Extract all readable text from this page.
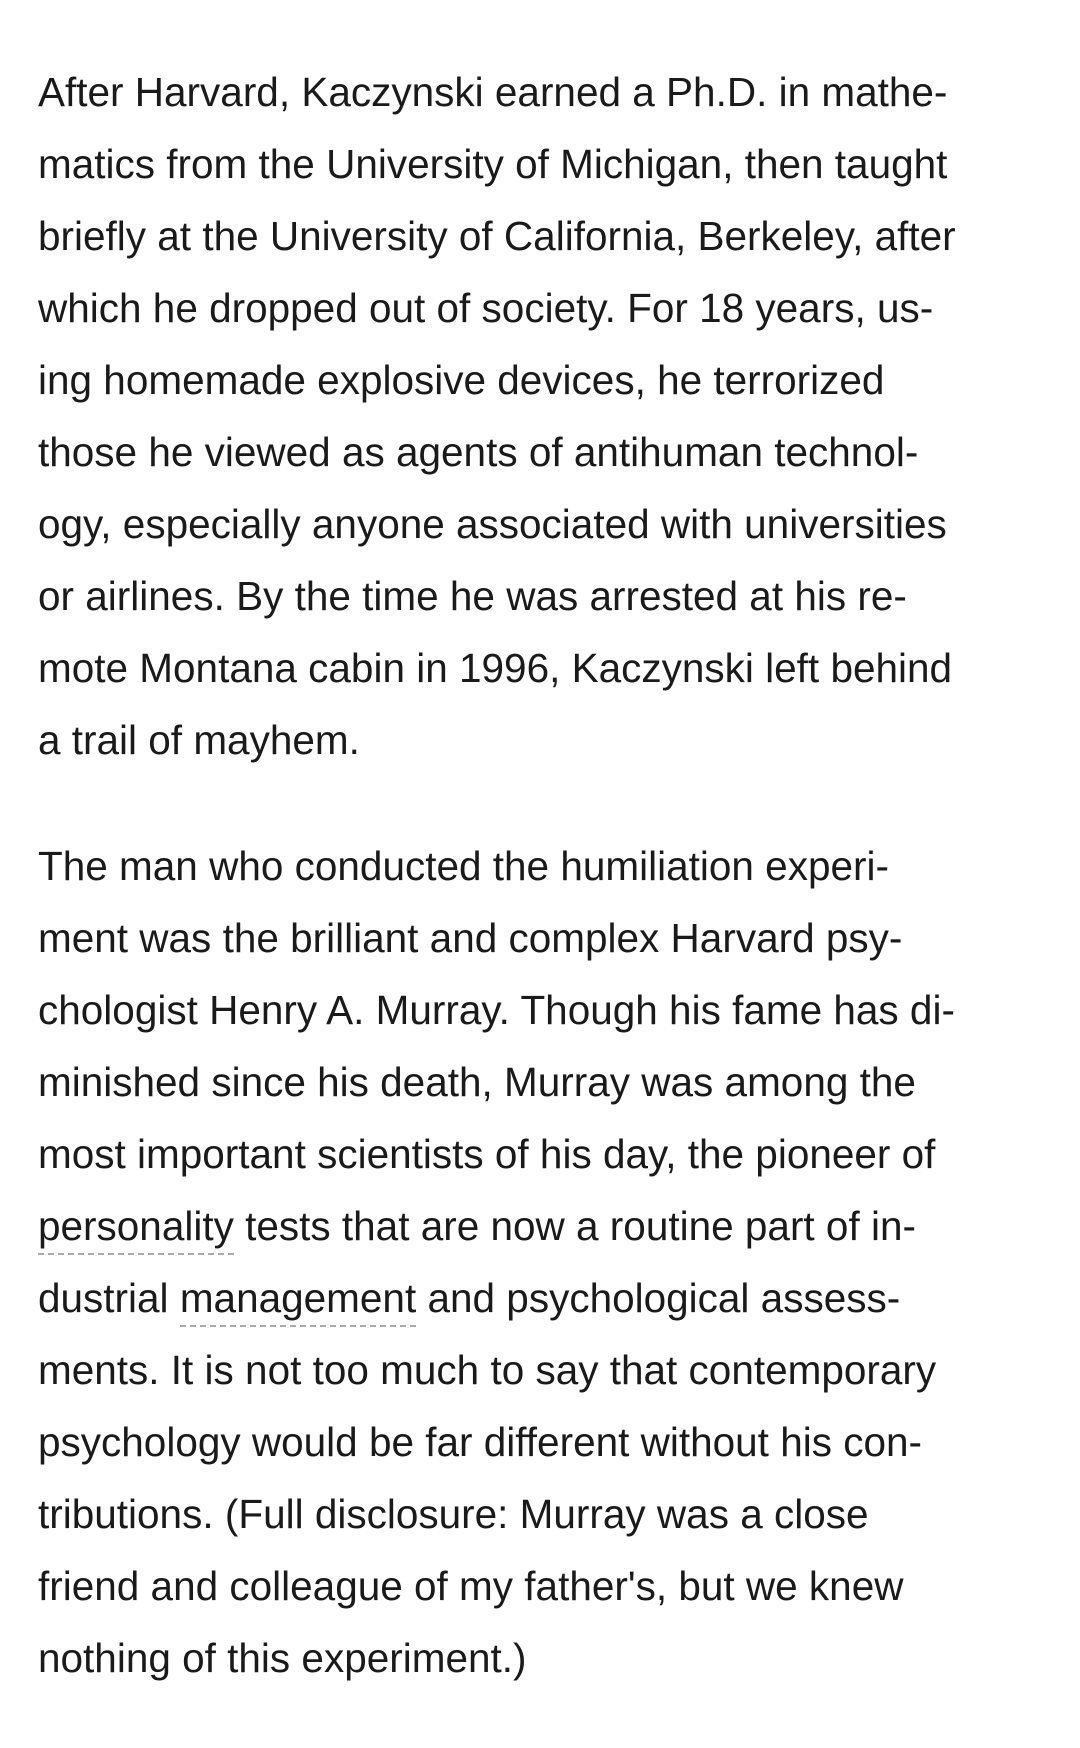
After Harvard, Kaczynski earned a Ph.D. in mathe-
matics from the University of Michigan, then taught
briefly at the University of California, Berkeley, after
which he dropped out of society. For 18 years, us-
ing homemade explosive devices, he terrorized
those he viewed as agents of antihuman technol-
ogy, especially anyone associated with universities
or airlines. By the time he was arrested at his re-
mote Montana cabin in 1996, Kaczynski left behind
a trail of mayhem.

The man who conducted the humiliation experi-
ment was the brilliant and complex Harvard psy-
chologist Henry A. Murray. Though his fame has di-
minished since his death, Murray was among the
most important scientists of his day, the pioneer of
personality tests that are now a routine part of in-
dustrial management and psychological assess-
ments. It is not too much to say that contemporary
psychology would be far different without his con-
tributions. (Full disclosure: Murray was a close
friend and colleague of my father's, but we knew
nothing of this experiment.)
